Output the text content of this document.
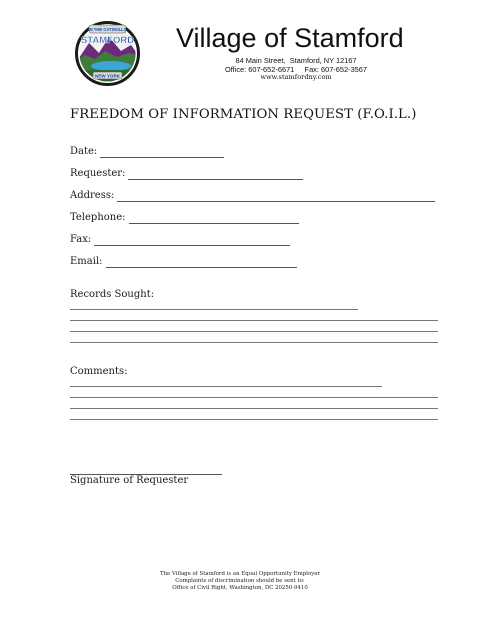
IN THE CATSKILLS
STAMFORD
NEW YORK
Village of Stamford
84 Main Street,  Stamford, NY 12167
Office: 607-652-6671     Fax: 607-652-3567
www.stamfordny.com
FREEDOM OF INFORMATION REQUEST (F.O.I.L.)
Date:
Requester:
Address:
Telephone:
Fax:
Email:
Records Sought:
Comments:
Signature of Requester
The Village of Stamford is an Equal Opportunity Employer
Complaints of discrimination should be sent to:
Office of Civil Right, Washington, DC 20250-9410
